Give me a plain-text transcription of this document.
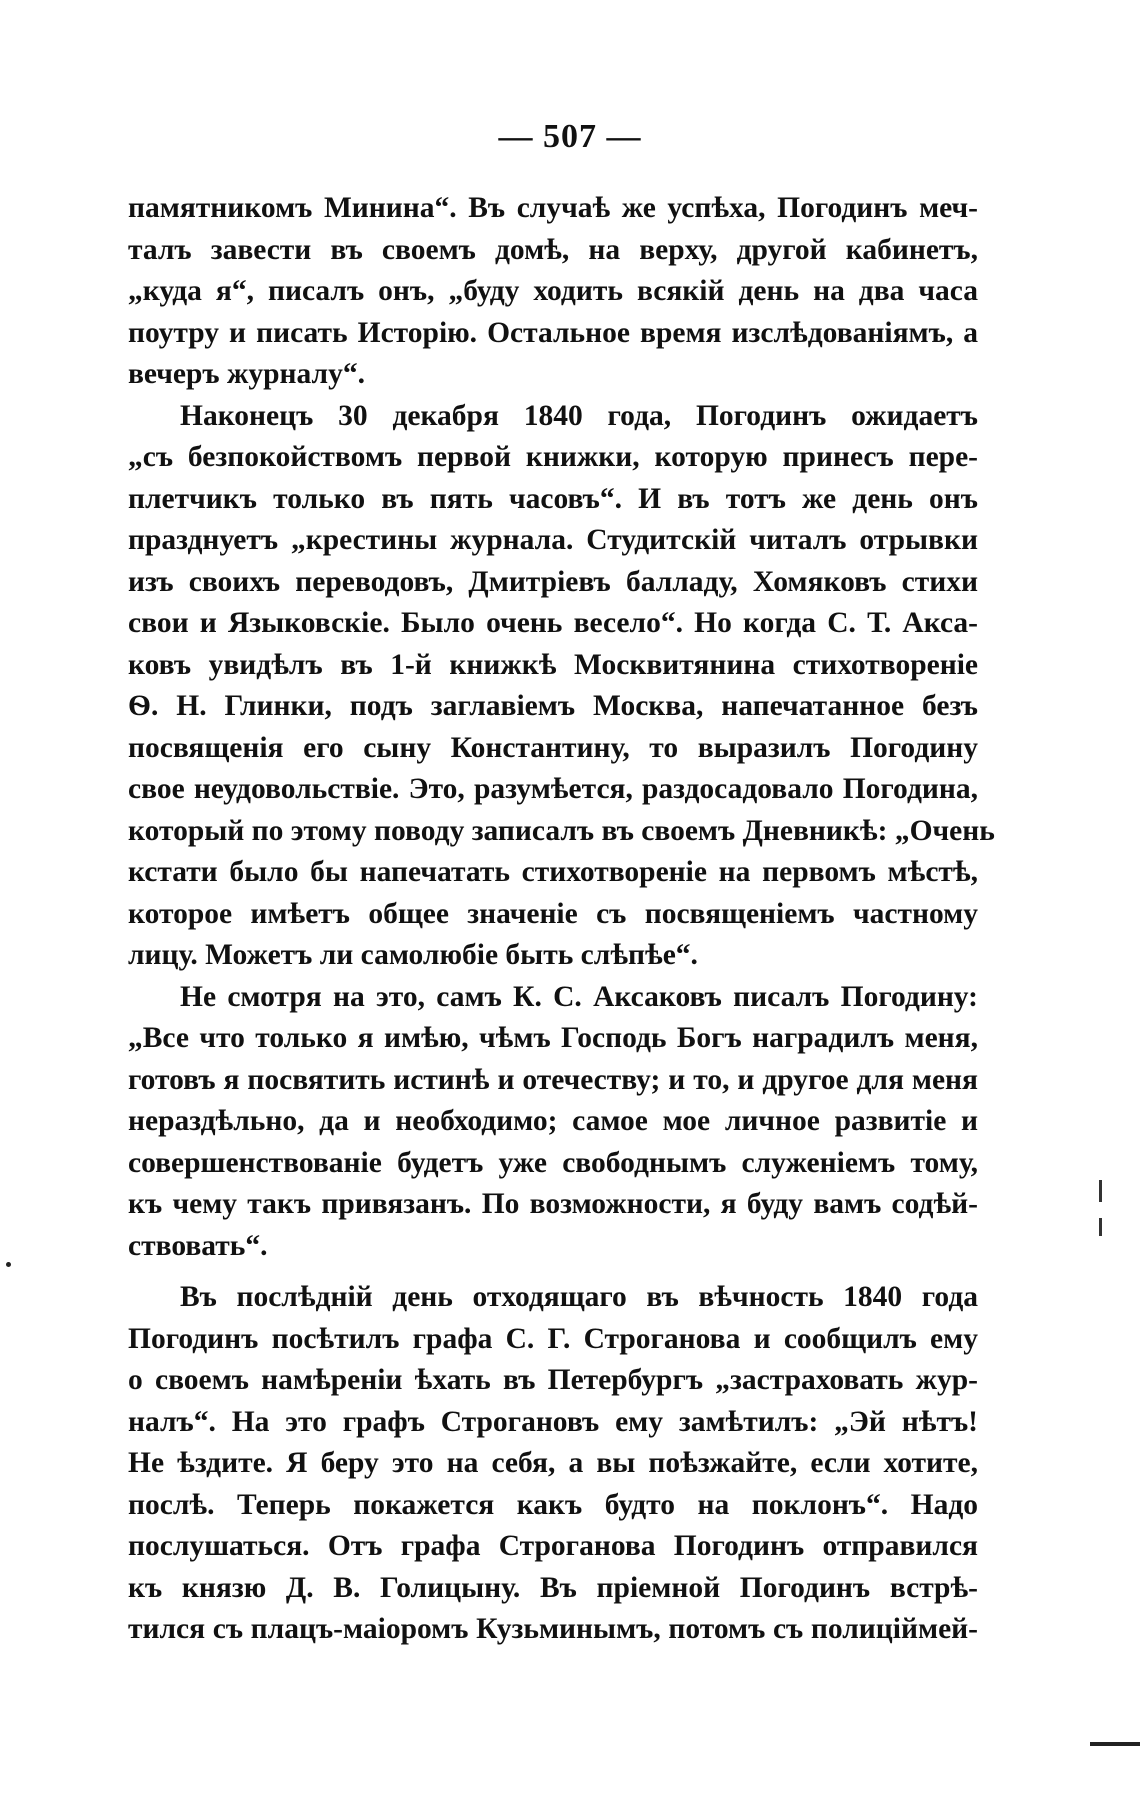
— 507 —
памятникомъ Минина“. Въ случаѣ же успѣха, Погодинъ меч-
талъ завести въ своемъ домѣ, на верху, другой кабинетъ,
„куда я“, писалъ онъ, „буду ходить всякій день на два часа
поутру и писать Исторію. Остальное время изслѣдованіямъ, а
вечеръ журналу“.
Наконецъ 30 декабря 1840 года, Погодинъ ожидаетъ
„съ безпокойствомъ первой книжки, которую принесъ пере-
плетчикъ только въ пять часовъ“. И въ тотъ же день онъ
празднуетъ „крестины журнала. Студитскій читалъ отрывки
изъ своихъ переводовъ, Дмитріевъ балладу, Хомяковъ стихи
свои и Языковскіе. Было очень весело“. Но когда С. Т. Акса-
ковъ увидѣлъ въ 1-й книжкѣ Москвитянина стихотвореніе
Ѳ. Н. Глинки, подъ заглавіемъ Москва, напечатанное безъ
посвященія его сыну Константину, то выразилъ Погодину
свое неудовольствіе. Это, разумѣется, раздосадовало Погодина,
который по этому поводу записалъ въ своемъ Дневникѣ: „Очень
кстати было бы напечатать стихотвореніе на первомъ мѣстѣ,
которое имѣетъ общее значеніе съ посвященіемъ частному
лицу. Можетъ ли самолюбіе быть слѣпѣе“.
Не смотря на это, самъ К. С. Аксаковъ писалъ Погодину:
„Все что только я имѣю, чѣмъ Господь Богъ наградилъ меня,
готовъ я посвятить истинѣ и отечеству; и то, и другое для меня
нераздѣльно, да и необходимо; самое мое личное развитіе и
совершенствованіе будетъ уже свободнымъ служеніемъ тому,
къ чему такъ привязанъ. По возможности, я буду вамъ содѣй-
ствовать“.
Въ послѣдній день отходящаго въ вѣчность 1840 года
Погодинъ посѣтилъ графа С. Г. Строганова и сообщилъ ему
о своемъ намѣреніи ѣхать въ Петербургъ „застраховать жур-
налъ“. На это графъ Строгановъ ему замѣтилъ: „Эй нѣтъ!
Не ѣздите. Я беру это на себя, а вы поѣзжайте, если хотите,
послѣ. Теперь покажется какъ будто на поклонъ“. Надо
послушаться. Отъ графа Строганова Погодинъ отправился
къ князю Д. В. Голицыну. Въ пріемной Погодинъ встрѣ-
тился съ плацъ-маіоромъ Кузьминымъ, потомъ съ полиціймей-
